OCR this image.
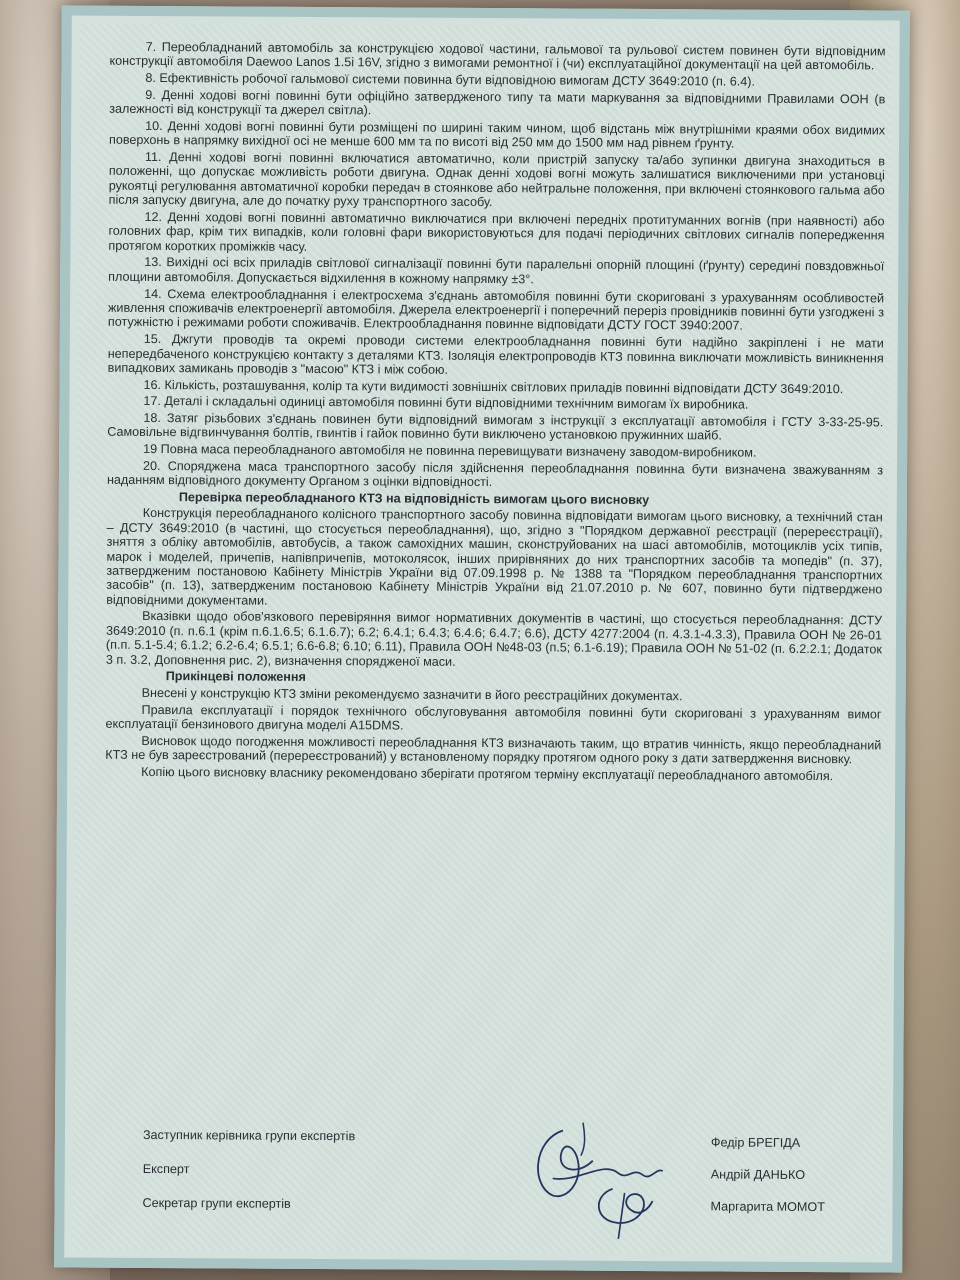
7. Переобладнаний автомобіль за конструкцією ходової частини, гальмової та рульової систем повинен бути відповідним конструкції автомобіля Daewoo Lanos 1.5i 16V, згідно з вимогами ремонтної і (чи) експлуатаційної документації на цей автомобіль.

8. Ефективність робочої гальмової системи повинна бути відповідною вимогам ДСТУ 3649:2010 (п. 6.4).

9. Денні ходові вогні повинні бути офіційно затвердженого типу та мати маркування за відповідними Правилами ООН (в залежності від конструкції та джерел світла).

10. Денні ходові вогні повинні бути розміщені по ширині таким чином, щоб відстань між внутрішніми краями обох видимих поверхонь в напрямку вихідної осі не менше 600 мм та по висоті від 250 мм до 1500 мм над рівнем ґрунту.

11. Денні ходові вогні повинні включатися автоматично, коли пристрій запуску та/або зупинки двигуна знаходиться в положенні, що допускає можливість роботи двигуна. Однак денні ходові вогні можуть залишатися виключеними при установці рукоятці регулювання автоматичної коробки передач в стоянкове або нейтральне положення, при включені стоянкового гальма або після запуску двигуна, але до початку руху транспортного засобу.

12. Денні ходові вогні повинні автоматично виключатися при включені передніх протитуманних вогнів (при наявності) або головних фар, крім тих випадків, коли головні фари використовуються для подачі періодичних світлових сигналів попередження протягом коротких проміжків часу.

13. Вихідні осі всіх приладів світлової сигналізації повинні бути паралельні опорній площині (ґрунту) середині повздовжньої площини автомобіля. Допускається відхилення в кожному напрямку ±3°.

14. Схема електрообладнання і електросхема з'єднань автомобіля повинні бути скориговані з урахуванням особливостей живлення споживачів електроенергії автомобіля. Джерела електроенергії і поперечний переріз провідників повинні бути узгоджені з потужністю і режимами роботи споживачів. Електрообладнання повинне відповідати ДСТУ ГОСТ 3940:2007.

15. Джгути проводів та окремі проводи системи електрообладнання повинні бути надійно закріплені і не мати непередбаченого конструкцією контакту з деталями КТЗ. Ізоляція електропроводів КТЗ повинна виключати можливість виникнення випадкових замикань проводів з "масою" КТЗ і між собою.

16. Кількість, розташування, колір та кути видимості зовнішніх світлових приладів повинні відповідати ДСТУ 3649:2010.

17. Деталі і складальні одиниці автомобіля повинні бути відповідними технічним вимогам їх виробника.

18. Затяг різьбових з'єднань повинен бути відповідний вимогам з інструкції з експлуатації автомобіля і ГСТУ 3-33-25-95. Самовільне відгвинчування болтів, гвинтів і гайок повинно бути виключено установкою пружинних шайб.

19 Повна маса переобладнаного автомобіля не повинна перевищувати визначену заводом-виробником.

20. Споряджена маса транспортного засобу після здійснення переобладнання повинна бути визначена зважуванням з наданням відповідного документу Органом з оцінки відповідності.

Перевірка переобладнаного КТЗ на відповідність вимогам цього висновку

Конструкція переобладнаного колісного транспортного засобу повинна відповідати вимогам цього висновку, а технічний стан – ДСТУ 3649:2010 (в частині, що стосується переобладнання), що, згідно з "Порядком державної реєстрації (перереєстрації), зняття з обліку автомобілів, автобусів, а також самохідних машин, сконструйованих на шасі автомобілів, мотоциклів усіх типів, марок і моделей, причепів, напівпричепів, мотоколясок, інших прирівняних до них транспортних засобів та мопедів" (п. 37), затвердженим постановою Кабінету Міністрів України від 07.09.1998 р. № 1388 та "Порядком переобладнання транспортних засобів" (п. 13), затвердженим постановою Кабінету Міністрів України від 21.07.2010 р. № 607, повинно бути підтверджено відповідними документами.

Вказівки щодо обов'язкового перевіряння вимог нормативних документів в частині, що стосується переобладнання: ДСТУ 3649:2010 (п. п.6.1 (крім п.6.1.6.5; 6.1.6.7); 6.2; 6.4.1; 6.4.3; 6.4.6; 6.4.7; 6.6), ДСТУ 4277:2004 (п. 4.3.1-4.3.3), Правила ООН № 26-01 (п.п. 5.1-5.4; 6.1.2; 6.2-6.4; 6.5.1; 6.6-6.8; 6.10; 6.11), Правила ООН №48-03 (п.5; 6.1-6.19); Правила ООН № 51-02 (п. 6.2.2.1; Додаток 3 п. 3.2, Доповнення рис. 2), визначення спорядженої маси.

Прикінцеві положення

Внесені у конструкцію КТЗ зміни рекомендуємо зазначити в його реєстраційних документах.

Правила експлуатації і порядок технічного обслуговування автомобіля повинні бути скориговані з урахуванням вимог експлуатації бензинового двигуна моделі A15DMS.

Висновок щодо погодження можливості переобладнання КТЗ визначають таким, що втратив чинність, якщо переобладнаний КТЗ не був зареєстрований (перереєстрований) у встановленому порядку протягом одного року з дати затвердження висновку.

Копію цього висновку власнику рекомендовано зберігати протягом терміну експлуатації переобладнаного автомобіля.

Заступник керівника групи експертів	Федір БРЕГІДА
Експерт	Андрій ДАНЬКО
Секретар групи експертів	Маргарита МОМОТ
